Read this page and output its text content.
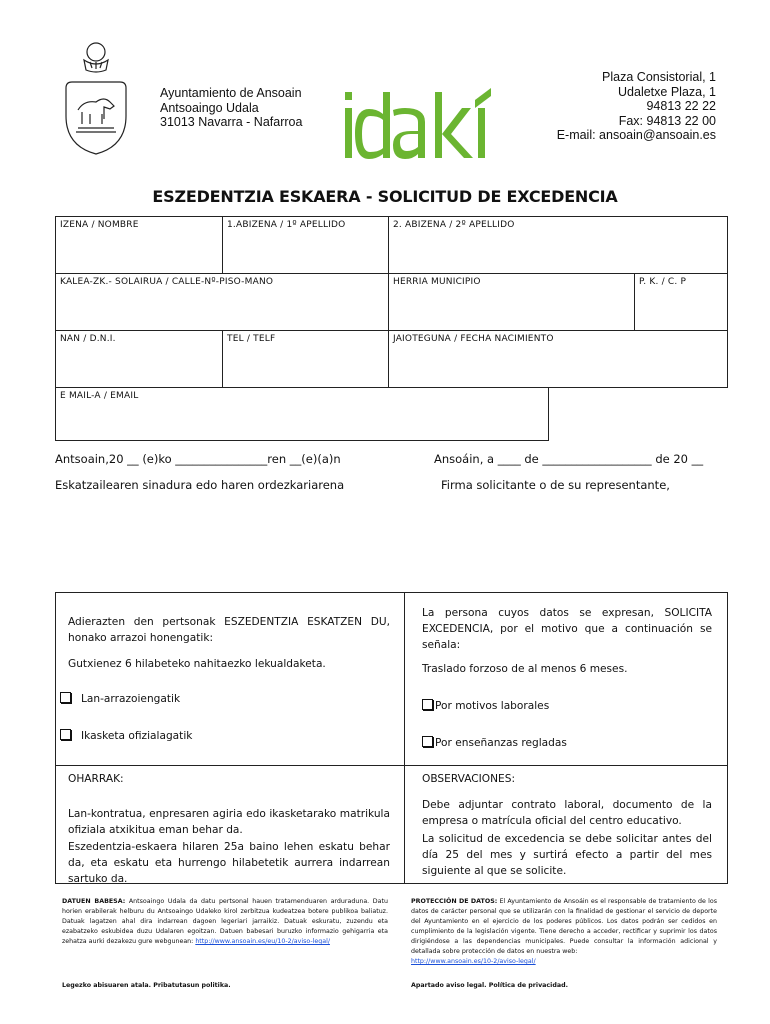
Ayuntamiento de Ansoain
Antsoaingo Udala
31013 Navarra - Nafarroa
Plaza Consistorial, 1
Udaletxe Plaza, 1
94813 22 22
Fax: 94813 22 00
E-mail: ansoain@ansoain.es
ESZEDENTZIA ESKAERA - SOLICITUD DE EXCEDENCIA
IZENA / NOMBRE	1.ABIZENA / 1º APELLIDO	2. ABIZENA / 2º APELLIDO
KALEA-ZK.- SOLAIRUA / CALLE-Nº-PISO-MANO	HERRIA MUNICIPIO	P. K. / C. P
NAN / D.N.I.	TEL / TELF	JAIOTEGUNA / FECHA NACIMIENTO
E MAIL-A / EMAIL
Antsoain,20 __ (e)ko ________________ren __(e)(a)n	Ansoáin, a ____ de ___________________ de 20 __
Eskatzailearen sinadura edo haren ordezkariarena	Firma solicitante o de su representante,
Adierazten den pertsonak ESZEDENTZIA ESKATZEN DU, honako arrazoi honengatik:
La persona cuyos datos se expresan, SOLICITA EXCEDENCIA, por el motivo que a continuación se señala:
Gutxienez 6 hilabeteko nahitaezko lekualdaketa.	Traslado forzoso de al menos 6 meses.
Lan-arrazoiengatik
Por motivos laborales
Ikasketa ofizialagatik
Por enseñanzas regladas
OHARRAK:	OBSERVACIONES:
Lan-kontratua, enpresaren agiria edo ikasketarako matrikula ofiziala atxikitua eman behar da.
Eszedentzia-eskaera hilaren 25a baino lehen eskatu behar da, eta eskatu eta hurrengo hilabetetik aurrera indarrean sartuko da.
Debe adjuntar contrato laboral, documento de la empresa o matrícula oficial del centro educativo.
La solicitud de excedencia se debe solicitar antes del día 25 del mes y surtirá efecto a partir del mes siguiente al que se solicite.
DATUEN BABESA: Antsoaingo Udala da datu pertsonal hauen tratamenduaren arduraduna. Datu horien erabilerak helburu du Antsoaingo Udaleko kirol zerbitzua kudeatzea botere publikoa baliatuz. Datuak lagatzen ahal dira indarrean dagoen legeriari jarraikiz. Datuak eskuratu, zuzendu eta ezabatzeko eskubidea duzu Udalaren egoitzan. Datuen babesari buruzko informazio gehigarria eta zehatza aurki dezakezu gure webgunean: http://www.ansoain.es/eu/10-2/aviso-legal/
Legezko abisuaren atala. Pribatutasun politika.
PROTECCIÓN DE DATOS: El Ayuntamiento de Ansoáin es el responsable de tratamiento de los datos de carácter personal que se utilizarán con la finalidad de gestionar el servicio de deporte del Ayuntamiento en el ejercicio de los poderes públicos. Los datos podrán ser cedidos en cumplimiento de la legislación vigente. Tiene derecho a acceder, rectificar y suprimir los datos dirigiéndose a las dependencias municipales. Puede consultar la información adicional y detallada sobre protección de datos en nuestra web:
http://www.ansoain.es/10-2/aviso-legal/
Apartado aviso legal. Política de privacidad.
